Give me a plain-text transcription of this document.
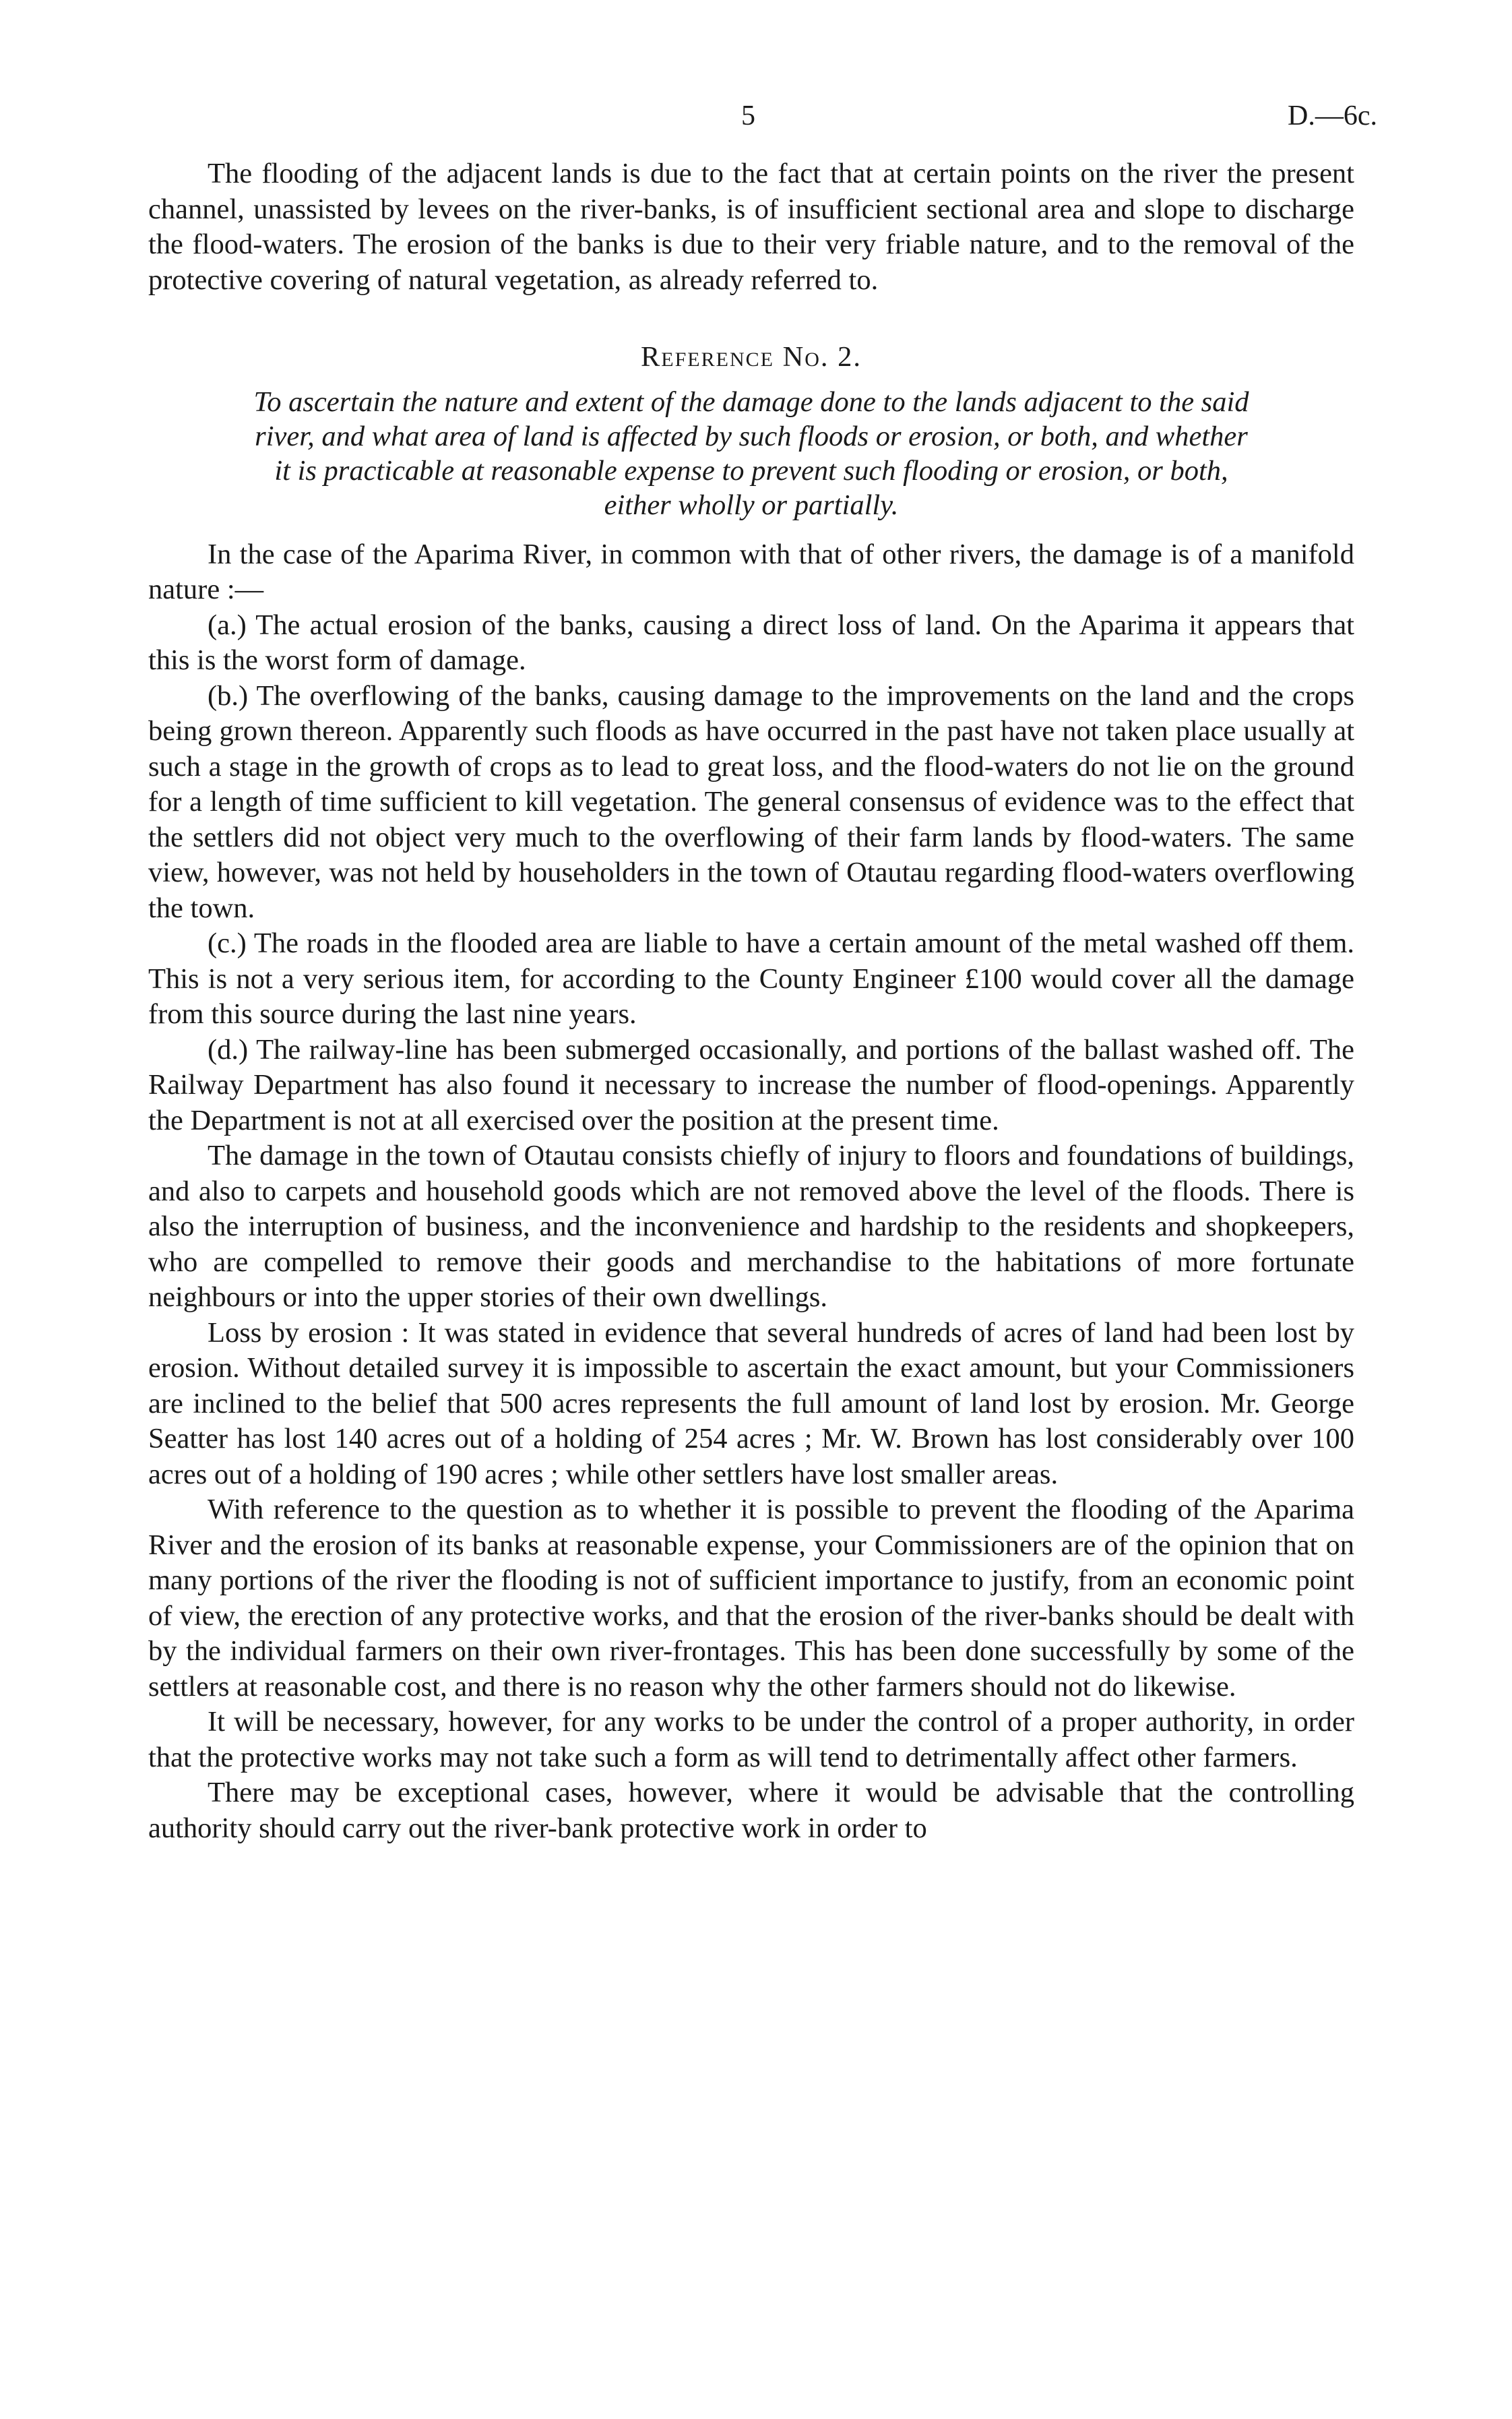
5	D.—6c.

The flooding of the adjacent lands is due to the fact that at certain points on the river the present channel, unassisted by levees on the river-banks, is of insufficient sectional area and slope to discharge the flood-waters. The erosion of the banks is due to their very friable nature, and to the removal of the protective covering of natural vegetation, as already referred to.

Reference No. 2.
To ascertain the nature and extent of the damage done to the lands adjacent to the said river, and what area of land is affected by such floods or erosion, or both, and whether it is practicable at reasonable expense to prevent such flooding or erosion, or both, either wholly or partially.

In the case of the Aparima River, in common with that of other rivers, the damage is of a manifold nature :—

(a.) The actual erosion of the banks, causing a direct loss of land. On the Aparima it appears that this is the worst form of damage.

(b.) The overflowing of the banks, causing damage to the improvements on the land and the crops being grown thereon. Apparently such floods as have occurred in the past have not taken place usually at such a stage in the growth of crops as to lead to great loss, and the flood-waters do not lie on the ground for a length of time sufficient to kill vegetation. The general consensus of evidence was to the effect that the settlers did not object very much to the overflowing of their farm lands by flood-waters. The same view, however, was not held by householders in the town of Otautau regarding flood-waters overflowing the town.

(c.) The roads in the flooded area are liable to have a certain amount of the metal washed off them. This is not a very serious item, for according to the County Engineer £100 would cover all the damage from this source during the last nine years.

(d.) The railway-line has been submerged occasionally, and portions of the ballast washed off. The Railway Department has also found it necessary to increase the number of flood-openings. Apparently the Department is not at all exercised over the position at the present time.

The damage in the town of Otautau consists chiefly of injury to floors and foundations of buildings, and also to carpets and household goods which are not removed above the level of the floods. There is also the interruption of business, and the inconvenience and hardship to the residents and shopkeepers, who are compelled to remove their goods and merchandise to the habitations of more fortunate neighbours or into the upper stories of their own dwellings.

Loss by erosion : It was stated in evidence that several hundreds of acres of land had been lost by erosion. Without detailed survey it is impossible to ascertain the exact amount, but your Commissioners are inclined to the belief that 500 acres represents the full amount of land lost by erosion. Mr. George Seatter has lost 140 acres out of a holding of 254 acres ; Mr. W. Brown has lost considerably over 100 acres out of a holding of 190 acres ; while other settlers have lost smaller areas.

With reference to the question as to whether it is possible to prevent the flooding of the Aparima River and the erosion of its banks at reasonable expense, your Commissioners are of the opinion that on many portions of the river the flooding is not of sufficient importance to justify, from an economic point of view, the erection of any protective works, and that the erosion of the river-banks should be dealt with by the individual farmers on their own river-frontages. This has been done successfully by some of the settlers at reasonable cost, and there is no reason why the other farmers should not do likewise.

It will be necessary, however, for any works to be under the control of a proper authority, in order that the protective works may not take such a form as will tend to detrimentally affect other farmers.

There may be exceptional cases, however, where it would be advisable that the controlling authority should carry out the river-bank protective work in order to
